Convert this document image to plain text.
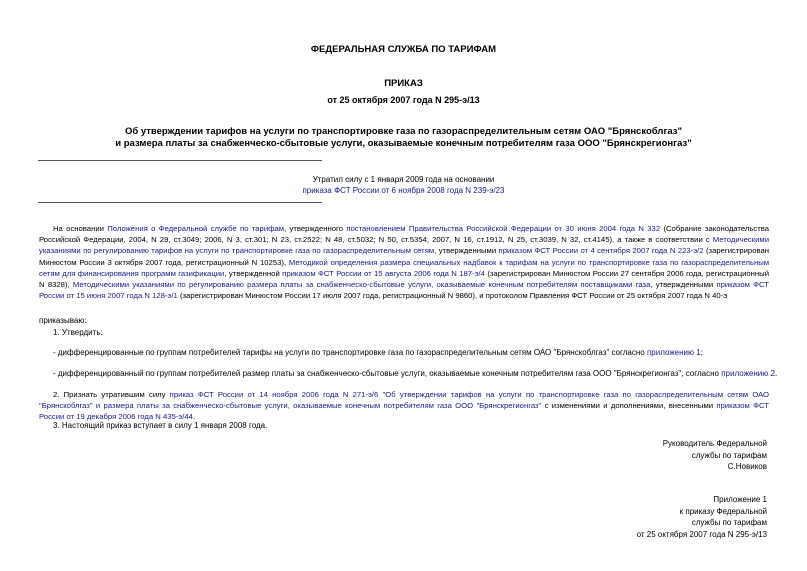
ФЕДЕРАЛЬНАЯ СЛУЖБА ПО ТАРИФАМ
ПРИКАЗ
от 25 октября 2007 года N 295-э/13
Об утверждении тарифов на услуги по транспортировке газа по газораспределительным сетям ОАО "Брянскоблгаз"
и размера платы за снабженческо-сбытовые услуги, оказываемые конечным потребителям газа ООО "Брянскрегионгаз"
Утратил силу с 1 января 2009 года на основании
приказа ФСТ России от 6 ноября 2008 года N 239-э/23
На основании Положения о Федеральной службе по тарифам, утвержденного постановлением Правительства Российской Федерации от 30 июня 2004 года N 332 (Собрание законодательства Российской Федерации, 2004, N 29, ст.3049; 2006, N 3, ст.301; N 23, ст.2522; N 48, ст.5032; N 50, ст.5354; 2007, N 16, ст.1912, N 25, ст.3039, N 32, ст.4145), а также в соответствии с Методическими указаниями по регулированию тарифов на услуги по транспортировке газа по газораспределительным сетям, утвержденными приказом ФСТ России от 4 сентября 2007 года N 223-э/2 (зарегистрирован Минюстом России 3 октября 2007 года, регистрационный N 10253), Методикой определения размера специальных надбавок к тарифам на услуги по транспортировке газа по газораспределительным сетям для финансирования программ газификации, утвержденной приказом ФСТ России от 15 августа 2006 года N 187-э/4 (зарегистрирован Минюстом России 27 сентября 2006 года, регистрационный N 8328), Методическими указаниями по регулированию размера платы за снабженческо-сбытовые услуги, оказываемые конечным потребителям поставщиками газа, утвержденными приказом ФСТ России от 15 июня 2007 года N 128-э/1 (зарегистрирован Минюстом России 17 июля 2007 года, регистрационный N 9860), и протоколом Правления ФСТ России от 25 октября 2007 года N 40-э
приказываю:
1. Утвердить:
- дифференцированные по группам потребителей тарифы на услуги по транспортировке газа по газораспределительным сетям ОАО "Брянскоблгаз" согласно приложению 1;
- дифференцированный по группам потребителей размер платы за снабженческо-сбытовые услуги, оказываемые конечным потребителям газа ООО "Брянскрегионгаз", согласно приложению 2.
2. Признать утратившим силу приказ ФСТ России от 14 ноября 2006 года N 271-э/6 "Об утверждении тарифов на услуги по транспортировке газа по газораспределительным сетям ОАО "Брянскоблгаз" и размера платы за снабженческо-сбытовые услуги, оказываемые конечным потребителям газа ООО "Брянскрегионгаз" с изменениями и дополнениями, внесенными приказом ФСТ России от 19 декабря 2006 года N 435-э/44.
3. Настоящий приказ вступает в силу 1 января 2008 года.
Руководитель Федеральной
службы по тарифам
С.Новиков
Приложение 1
к приказу Федеральной
службы по тарифам
от 25 октября 2007 года N 295-э/13
